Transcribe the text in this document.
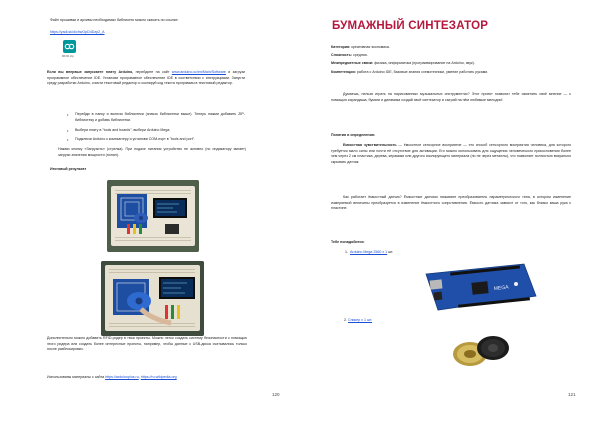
Файл прошивки и архивы необходимых библиотек можно скачать по ссылке:
https://yadi.sk/d/chwOpD4Dzp2_A
RFID.zip
Если вы впервые запускаете плату Arduino, перейдите на сайт www.arduino.cc/en/Main/Software и загрузи программное обеспечение IDE. Установи программное обеспечение IDE в соответствии с инструкциями. Запусти среду разработки Arduino, очисти текстовый редактор и скопируй код текста программы в текстовый редактор.
• Перейди в папку и включи библиотеки (значок библиотеки выше). Теперь нажми добавить ZIP-библиотеку и добавь библиотеки.
• Выбери плату в "tools and boards", выбери Arduino Mega.
• Подключи Arduino к компьютеру и установи COM-порт в "tools and port".
Нажми кнопку «Загрузить» (стрелка). При подаче питания устройство не активно (по индикатору мигает) загрузи значения мощности (понял).
Итоговый результат
Дополнительно можно добавить RFID-ридер в твои проекты. Можно легко создать систему безопасности с помощью этого ридера или создать более интересные проекты, например, чтобы данные с USB-диска считывались только после разблокировки.
Использованы материалы с сайта https://arduinoplus.ru, https://ru.wikipedia.org
120
БУМАЖНЫЙ СИНТЕЗАТОР
Категория: креативная экономика.
Сложность: средняя.
Межпредметные связи: физика, информатика (программирование на Arduino, звук).
Компетенции: работа с Arduino IDE, базовые знания схемотехники, умение работать руками.
Думаешь, нельзя играть на нарисованных музыкальных инструментах? Этот проект позволит тебе изменить своё мнение — с помощью карандаша, бумаги и динамика создай своё синтезатор и сыграй на нём любимые мелодии!
Понятия и определения:
Емкостная чувствительность — ёмкостное сенсорное восприятие — это способ сенсорного восприятия человека, для которого требуется мало силы или почти её отсутствие для активации. Его можно использовать для ощущения человеческого прикосновения более чем через 2 см пластика, дерева, керамики или другого изолирующего материала (но не через металлы), что позволяет полностью визуально скрывать датчик.
Как работает ёмкостный датчик? Ёмкостные датчики называют преобразователь параметрического типа, в котором изменение измеряемой величины преобразуется в изменение ёмкостного сопротивления. Ёмкость датчика зависит от того, как близко ваша рука к пластине.
Тебе понадобится:
1. Arduino Mega 2560 x 1 шт.
MEGA
2. Спикер x 1 шт.
121
